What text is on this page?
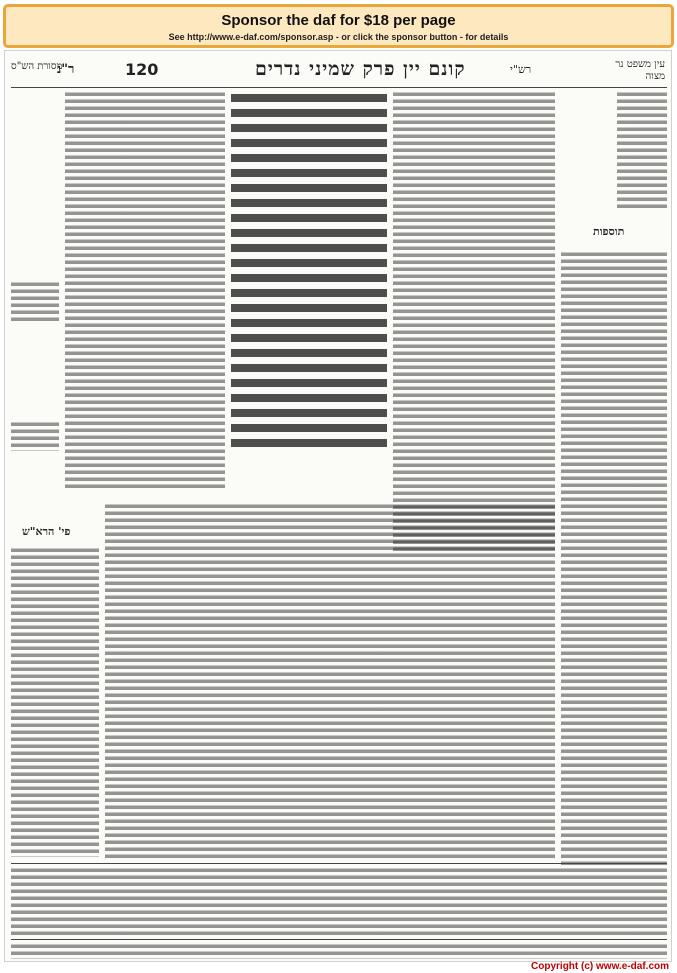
Sponsor the daf for $18 per page
See http://www.e-daf.com/sponsor.asp - or click the sponsor button - for details
מסורת הש"ס
ר"נ	120	קונם יין פרק שמיני נדרים	רש"י	עין משפט נר מצוה
תוספות
פי' הרא"ש
Copyright (c) www.e-daf.com
